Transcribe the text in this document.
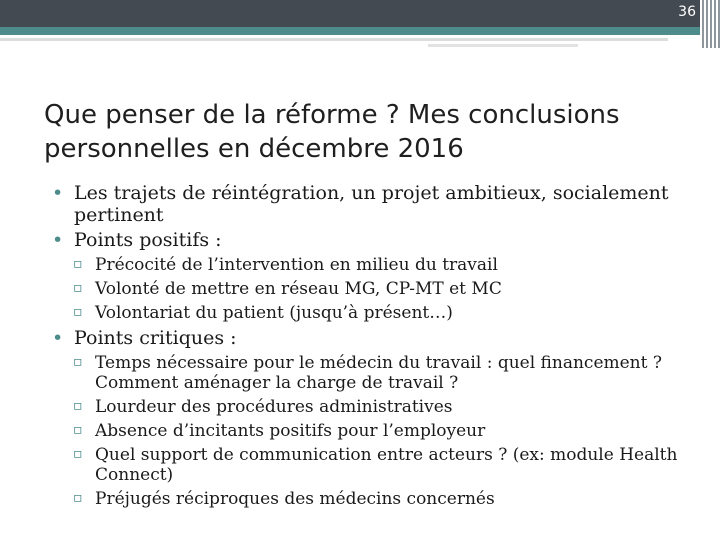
36
Que penser de la réforme ? Mes conclusions personnelles en décembre 2016
• Les trajets de réintégration, un projet ambitieux, socialement pertinent
• Points positifs :
▫ Précocité de l’intervention en milieu du travail
▫ Volonté de mettre en réseau MG, CP-MT et MC
▫ Volontariat du patient (jusqu’à présent…)
• Points critiques :
▫ Temps nécessaire pour le médecin du travail : quel financement ? Comment aménager la charge de travail ?
▫ Lourdeur des procédures administratives
▫ Absence d’incitants positifs pour l’employeur
▫ Quel support de communication entre acteurs ? (ex: module Health Connect)
▫ Préjugés réciproques des médecins concernés
